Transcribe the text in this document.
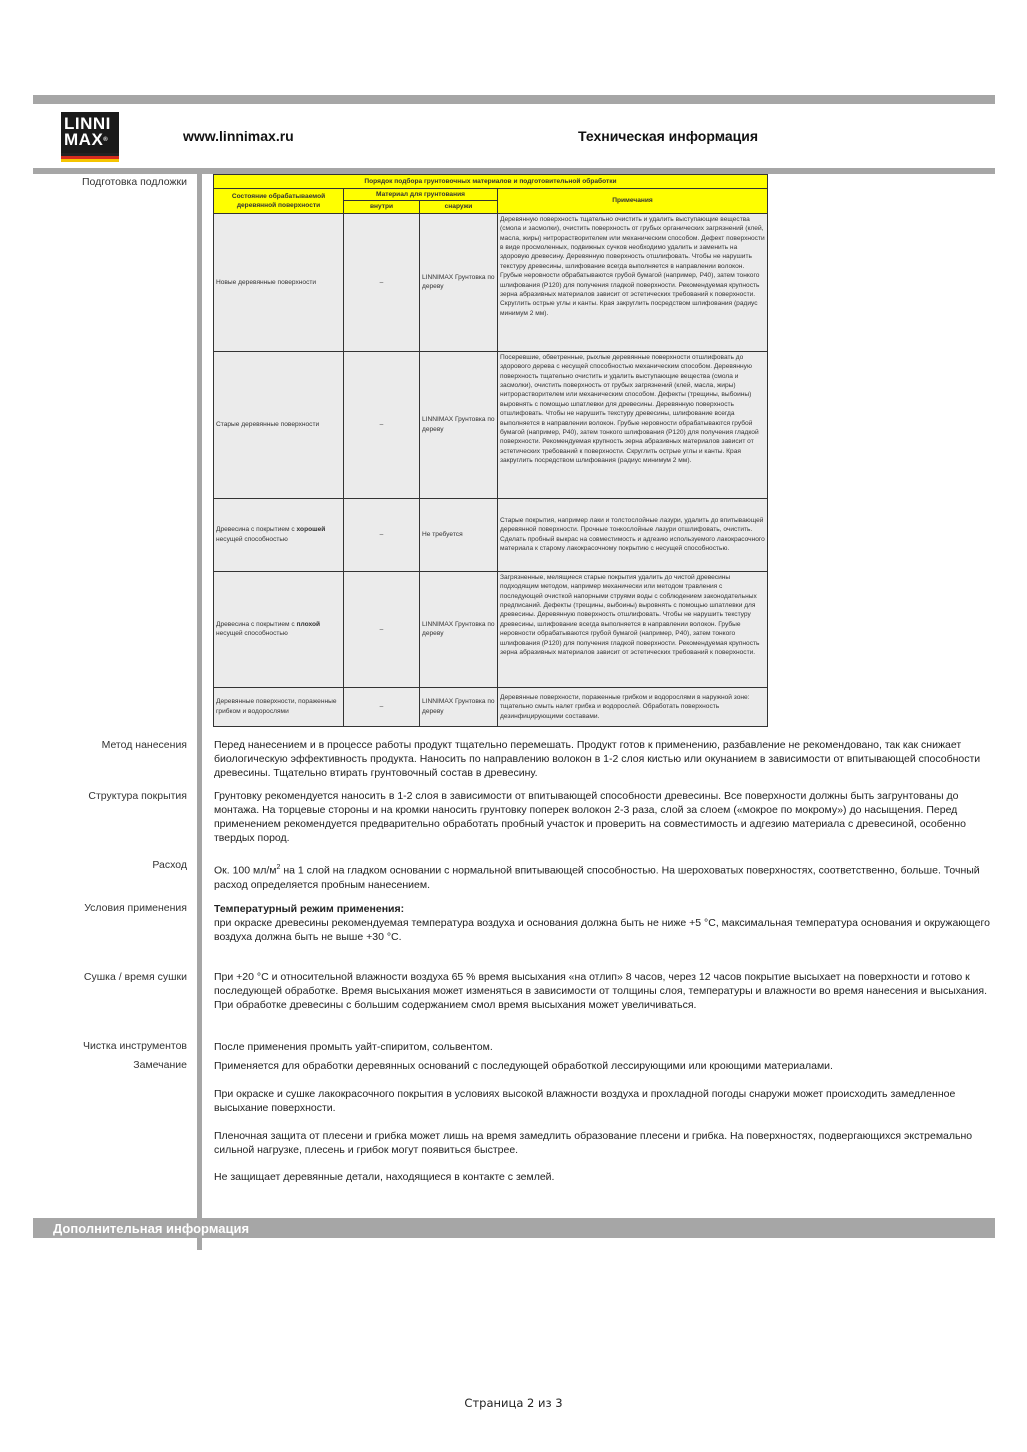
LINNI
MAX®	www.linnimax.ru	Техническая информация
Подготовка подложки	Порядок подбора грунтовочных материалов и подготовительной обработки			
Состояние обрабатываемой деревянной поверхности	Материал для грунтования		Примечания
	внутри	снаружи	
Новые деревянные поверхности	–	LINNIMAX Грунтовка по дереву	Деревянную поверхность тщательно очистить и удалить выступающие вещества (смола и засмолки), очистить поверхность от грубых органических загрязнений (клей, масла, жиры) нитрорастворителем или механическим способом. Дефект поверхности в виде просмоленных, подвижных сучков необходимо удалить и заменить на здоровую древесину. Деревянную поверхность отшлифовать. Чтобы не нарушить текстуру древесины, шлифование всегда выполняется в направлении волокон. Грубые неровности обрабатываются грубой бумагой (например, P40), затем тонкого шлифования (P120) для получения гладкой поверхности. Рекомендуемая крупность зерна абразивных материалов зависит от эстетических требований к поверхности. Скруглить острые углы и канты. Края закруглить посредством шлифования (радиус минимум 2 мм).
Старые деревянные поверхности	–	LINNIMAX Грунтовка по дереву	Посеревшие, обветренные, рыхлые деревянные поверхности отшлифовать до здорового дерева с несущей способностью механическим способом. Деревянную поверхность тщательно очистить и удалить выступающие вещества (смола и засмолки), очистить поверхность от грубых загрязнений (клей, масла, жиры) нитрорастворителем или механическим способом. Дефекты (трещины, выбоины) выровнять с помощью шпатлевки для древесины. Деревянную поверхность отшлифовать. Чтобы не нарушить текстуру древесины, шлифование всегда выполняется в направлении волокон. Грубые неровности обрабатываются грубой бумагой (например, P40), затем тонкого шлифования (P120) для получения гладкой поверхности. Рекомендуемая крупность зерна абразивных материалов зависит от эстетических требований к поверхности. Скруглить острые углы и канты. Края закруглить посредством шлифования (радиус минимум 2 мм).
Древесина с покрытием с хорошей несущей способностью	–	Не требуется	Старые покрытия, например лаки и толстослойные лазури, удалить до впитывающей деревянной поверхности. Прочные тонкослойные лазури отшлифовать, очистить. Сделать пробный выкрас на совместимость и адгезию используемого лакокрасочного материала к старому лакокрасочному покрытию с несущей способностью.
Древесина с покрытием с плохой несущей способностью	–	LINNIMAX Грунтовка по дереву	Загрязненные, мелящиеся старые покрытия удалить до чистой древесины подходящим методом, например механически или методом травления с последующей очисткой напорными струями воды с соблюдением законодательных предписаний. Дефекты (трещины, выбоины) выровнять с помощью шпатлевки для древесины. Деревянную поверхность отшлифовать. Чтобы не нарушить текстуру древесины, шлифование всегда выполняется в направлении волокон. Грубые неровности обрабатываются грубой бумагой (например, P40), затем тонкого шлифования (P120) для получения гладкой поверхности. Рекомендуемая крупность зерна абразивных материалов зависит от эстетических требований к поверхности.
Деревянные поверхности, пораженные грибком и водорослями	–	LINNIMAX Грунтовка по дереву	Деревянные поверхности, пораженные грибком и водорослями в наружной зоне: тщательно смыть налет грибка и водорослей. Обработать поверхность дезинфицирующими составами.
Метод нанесения	Перед нанесением и в процессе работы продукт тщательно перемешать. Продукт готов к применению, разбавление не рекомендовано, так как снижает биологическую эффективность продукта. Наносить по направлению волокон в 1-2 слоя кистью или окунанием в зависимости от впитывающей способности древесины. Тщательно втирать грунтовочный состав в древесину.
Структура покрытия	Грунтовку рекомендуется наносить в 1-2 слоя в зависимости от впитывающей способности древесины. Все поверхности должны быть загрунтованы до монтажа. На торцевые стороны и на кромки наносить грунтовку поперек волокон 2-3 раза, слой за слоем («мокрое по мокрому») до насыщения. Перед применением рекомендуется предварительно обработать пробный участок и проверить на совместимость и адгезию материала с древесиной, особенно твердых пород.
Расход	Ок. 100 $мл/м^2$ на 1 слой на гладком основании с нормальной впитывающей способностью. На шероховатых поверхностях, соответственно, больше. Точный расход определяется пробным нанесением.
Условия применения	Температурный режим применения:
при окраске древесины рекомендуемая температура воздуха и основания должна быть не ниже +5 °C, максимальная температура основания и окружающего воздуха должна быть не выше +30 °C.
Сушка / время сушки	При +20 °C и относительной влажности воздуха 65 % время высыхания «на отлип» 8 часов, через 12 часов покрытие высыхает на поверхности и готово к последующей обработке. Время высыхания может изменяться в зависимости от толщины слоя, температуры и влажности во время нанесения и высыхания. При обработке древесины с большим содержанием смол время высыхания может увеличиваться.
Чистка инструментов	После применения промыть уайт-спиритом, сольвентом.
Замечание	Применяется для обработки деревянных оснований с последующей обработкой лессирующими или кроющими материалами.
При окраске и сушке лакокрасочного покрытия в условиях высокой влажности воздуха и прохладной погоды снаружи может происходить замедленное высыхание поверхности.
Пленочная защита от плесени и грибка может лишь на время замедлить образование плесени и грибка. На поверхностях, подвергающихся экстремально сильной нагрузке, плесень и грибок могут появиться быстрее.
Не защищает деревянные детали, находящиеся в контакте с землей.
Дополнительная информация
Страница 2 из 3
